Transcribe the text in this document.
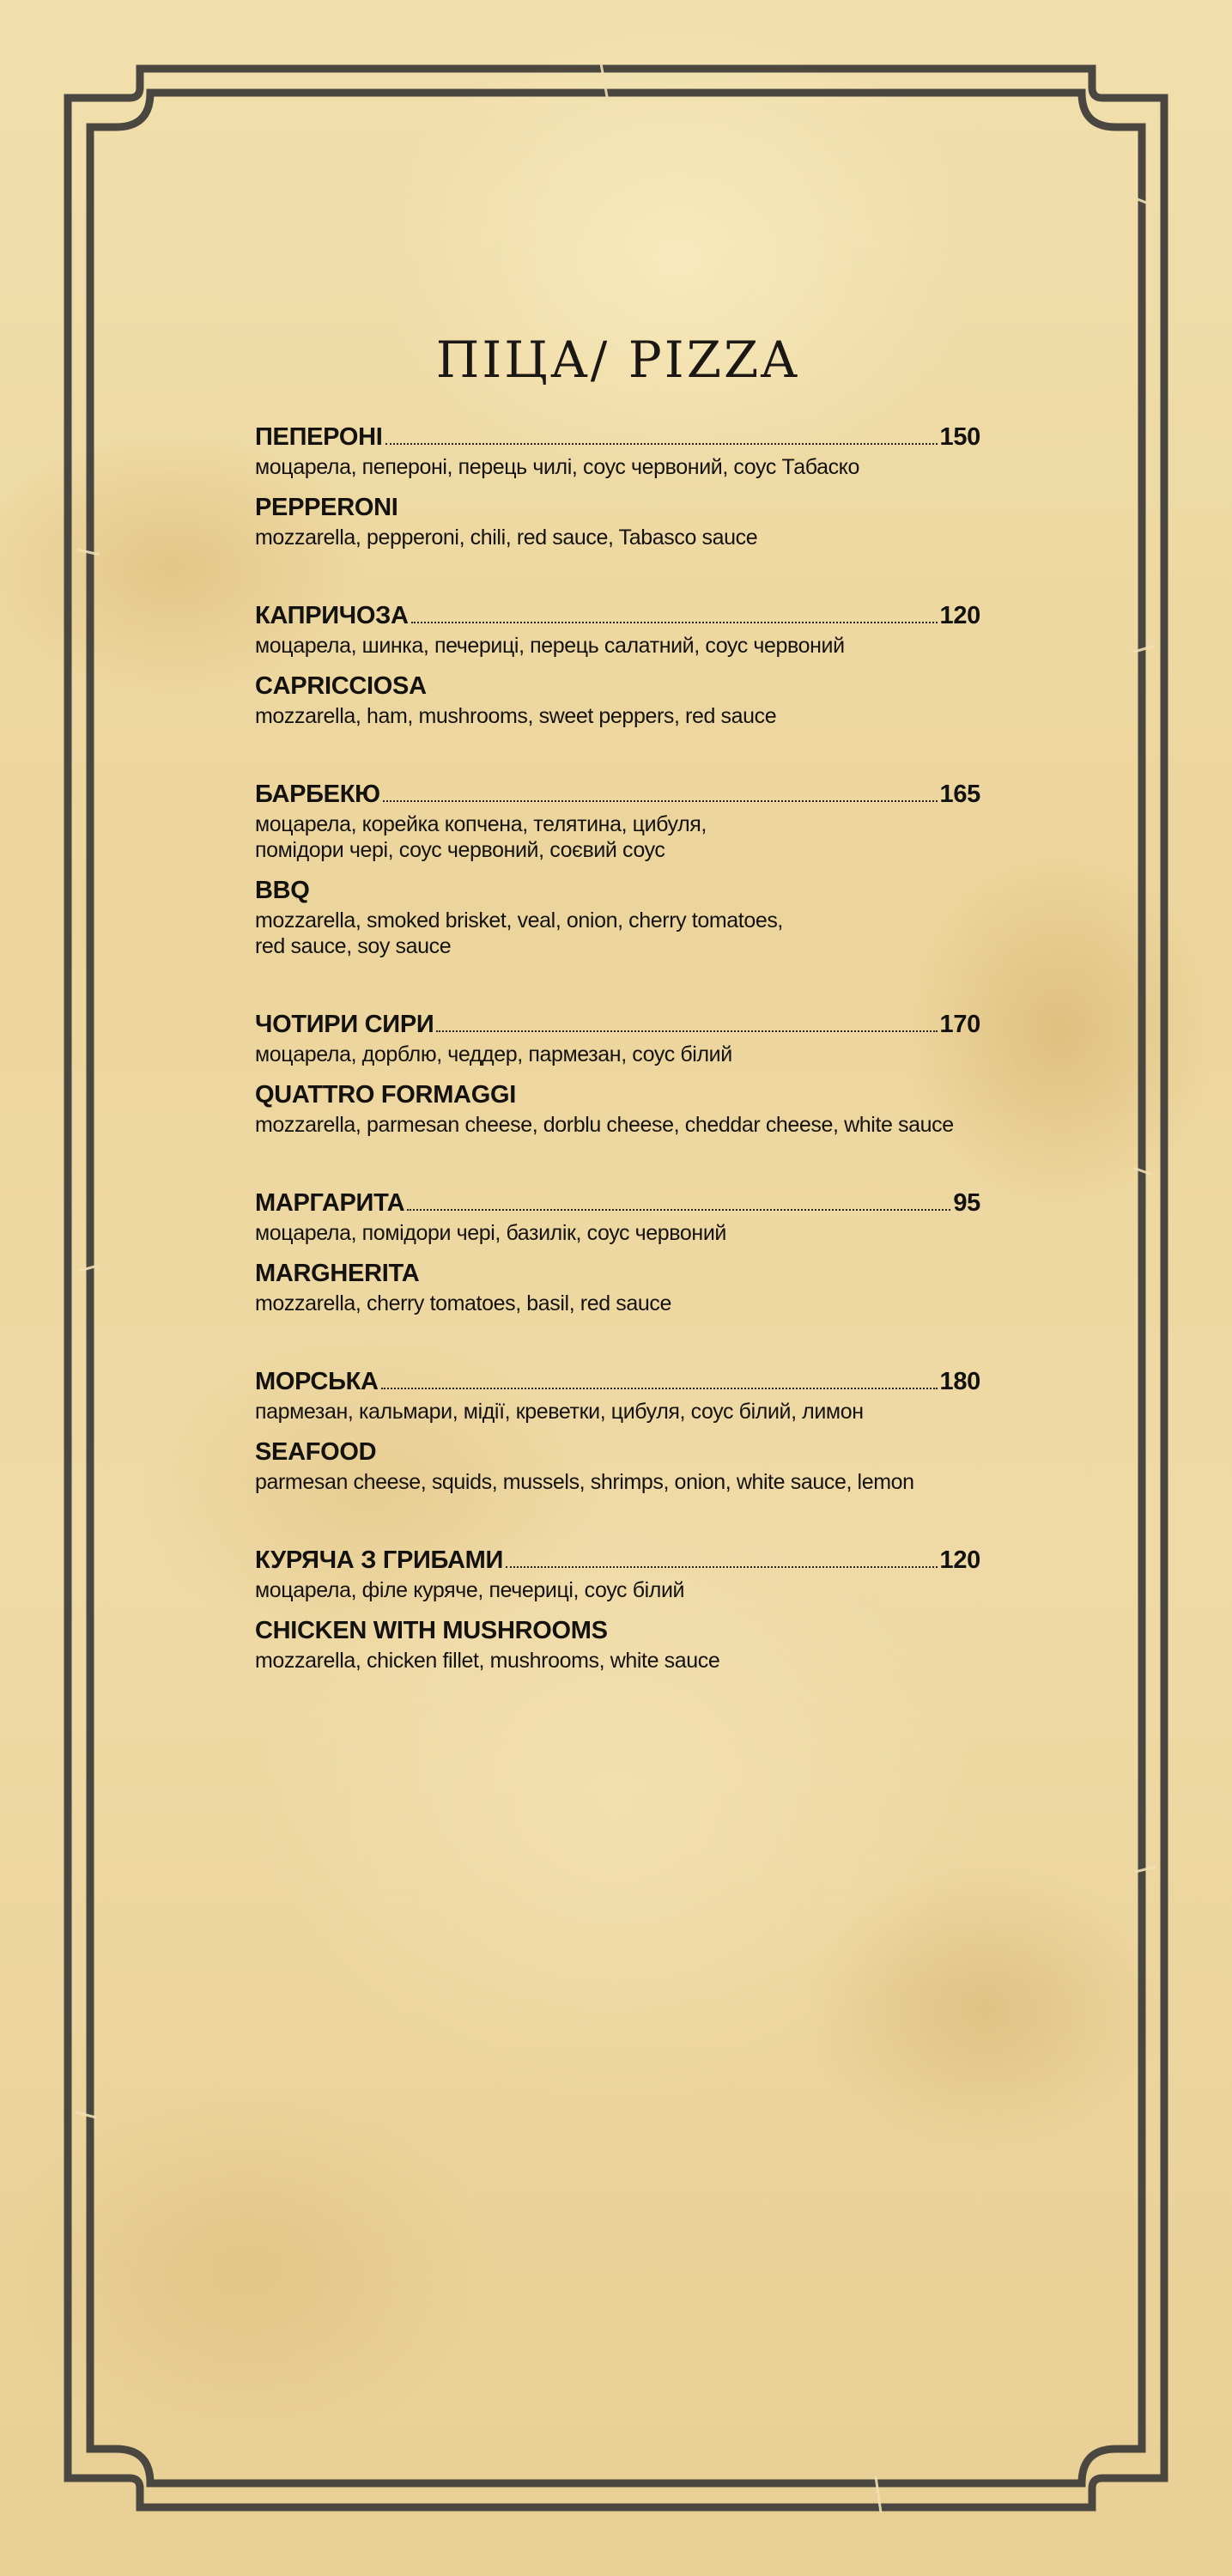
ПІЦА/ PIZZA
ПЕПЕРОНІ	150
моцарела, пепероні, перець чилі, соус червоний, соус Табаско
PEPPERONI
mozzarella, pepperoni, chili, red sauce, Tabasco sauce
КАПРИЧОЗА	120
моцарела, шинка, печериці, перець салатний, соус червоний
CAPRICCIOSA
mozzarella, ham, mushrooms, sweet peppers, red sauce
БАРБЕКЮ	165
моцарела, корейка копчена, телятина, цибуля,
помідори черi, соус червоний, соєвий соус
BBQ
mozzarella, smoked brisket, veal, onion, cherry tomatoes,
red sauce, soy sauce
ЧОТИРИ СИРИ	170
моцарела, дорблю, чеддер, пармезан, соус білий
QUATTRO FORMAGGI
mozzarella, parmesan cheese, dorblu cheese, cheddar cheese, white sauce
МАРГАРИТА	95
моцарела, помідори черi, базилік, соус червоний
MARGHERITA
mozzarella, cherry tomatoes, basil, red sauce
МОРСЬКА	180
пармезан, кальмари, мідії, креветки, цибуля, соус білий, лимон
SEAFOOD
parmesan cheese, squids, mussels, shrimps, onion, white sauce, lemon
КУРЯЧА З ГРИБАМИ	120
моцарела, філе куряче, печериці, соус білий
CHICKEN WITH MUSHROOMS
mozzarella, chicken fillet, mushrooms, white sauce
